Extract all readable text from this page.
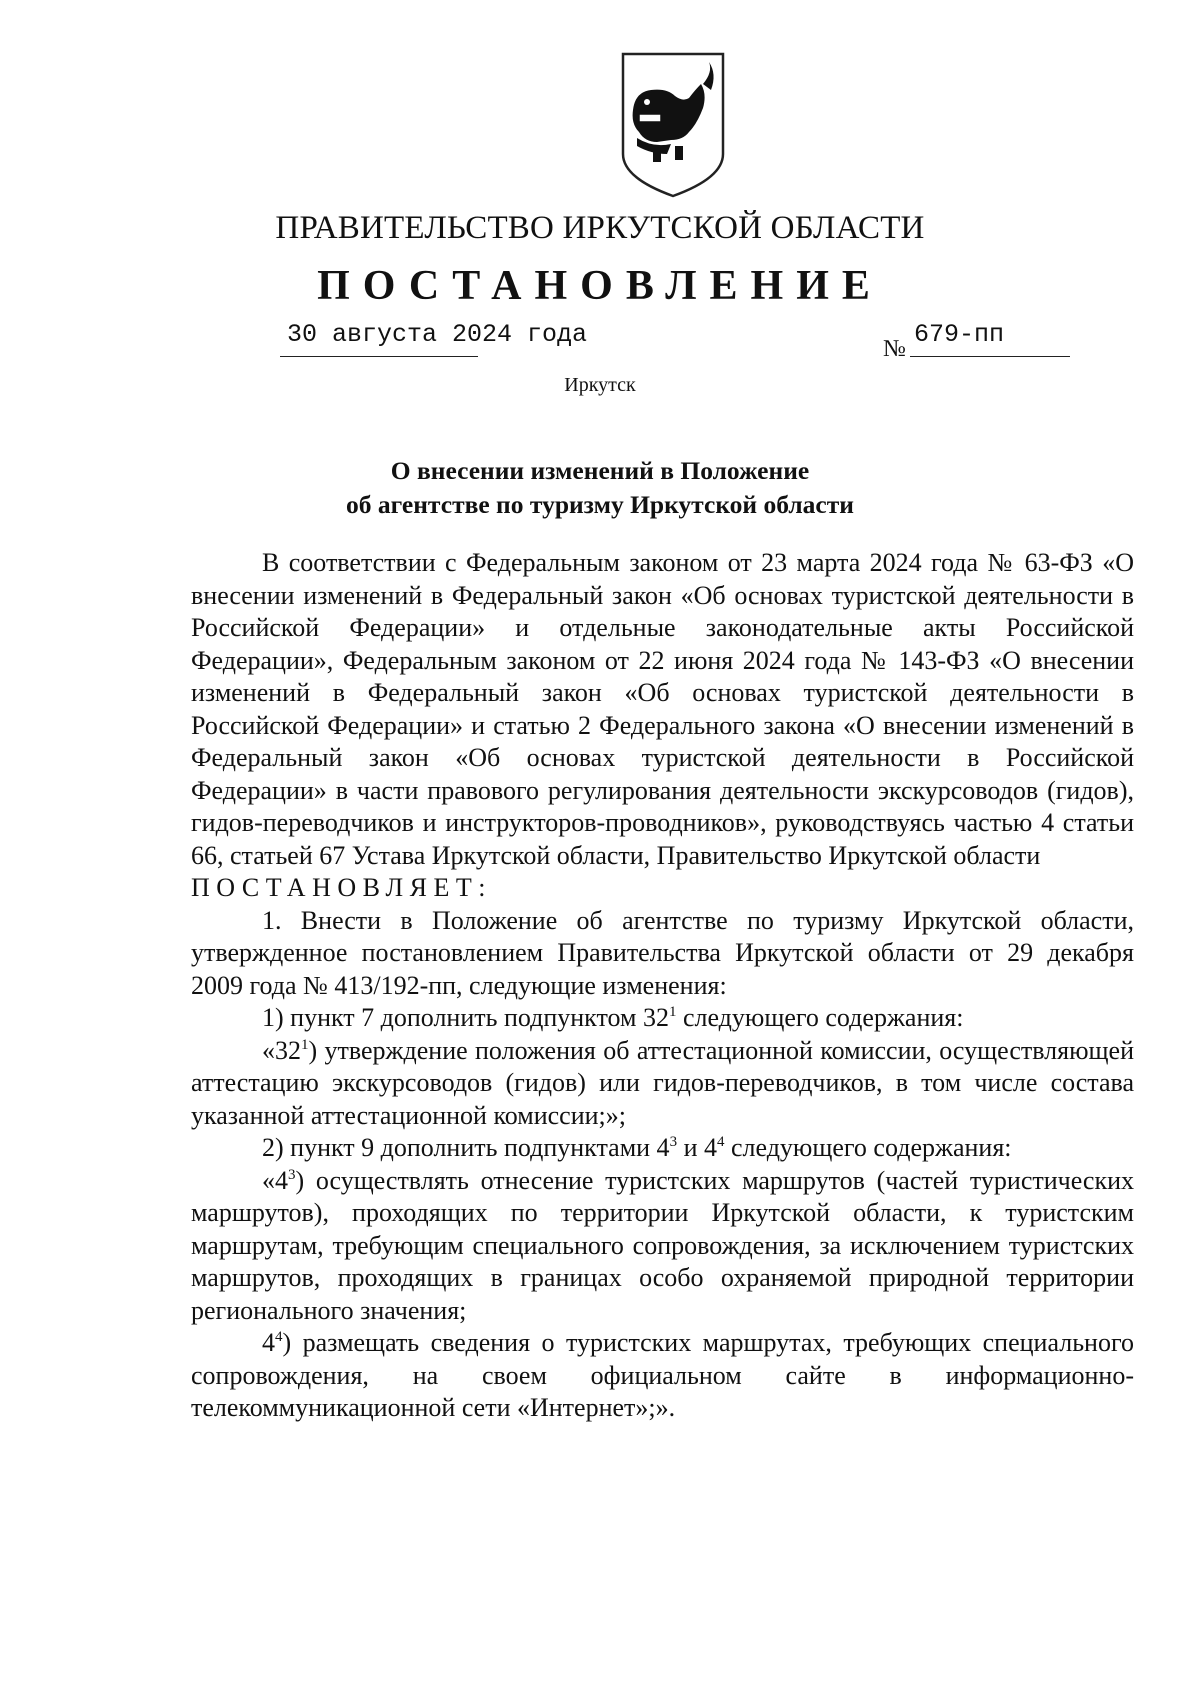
ПРАВИТЕЛЬСТВО ИРКУТСКОЙ ОБЛАСТИ
ПОСТАНОВЛЕНИЕ
30 августа 2024 года	№ 679-пп
Иркутск
О внесении изменений в Положение
об агентстве по туризму Иркутской области

В соответствии с Федеральным законом от 23 марта 2024 года № 63-ФЗ «О внесении изменений в Федеральный закон «Об основах туристской деятельности в Российской Федерации» и отдельные законодательные акты Российской Федерации», Федеральным законом от 22 июня 2024 года № 143-ФЗ «О внесении изменений в Федеральный закон «Об основах туристской деятельности в Российской Федерации» и статью 2 Федерального закона «О внесении изменений в Федеральный закон «Об основах туристской деятельности в Российской Федерации» в части правового регулирования деятельности экскурсоводов (гидов), гидов-переводчиков и инструкторов-проводников», руководствуясь частью 4 статьи 66, статьей 67 Устава Иркутской области, Правительство Иркутской области

ПОСТАНОВЛЯЕТ:

1. Внести в Положение об агентстве по туризму Иркутской области, утвержденное постановлением Правительства Иркутской области от 29 декабря 2009 года № 413/192-пп, следующие изменения:

1) пункт 7 дополнить подпунктом $32^1$ следующего содержания:

«$32^1$) утверждение положения об аттестационной комиссии, осуществляющей аттестацию экскурсоводов (гидов) или гидов-переводчиков, в том числе состава указанной аттестационной комиссии;»;

2) пункт 9 дополнить подпунктами $4^3$ и $4^4$ следующего содержания:

«$4^3$) осуществлять отнесение туристских маршрутов (частей туристических маршрутов), проходящих по территории Иркутской области, к туристским маршрутам, требующим специального сопровождения, за исключением туристских маршрутов, проходящих в границах особо охраняемой природной территории регионального значения;

$4^4$) размещать сведения о туристских маршрутах, требующих специального сопровождения, на своем официальном сайте в информационно-телекоммуникационной сети «Интернет»;».
